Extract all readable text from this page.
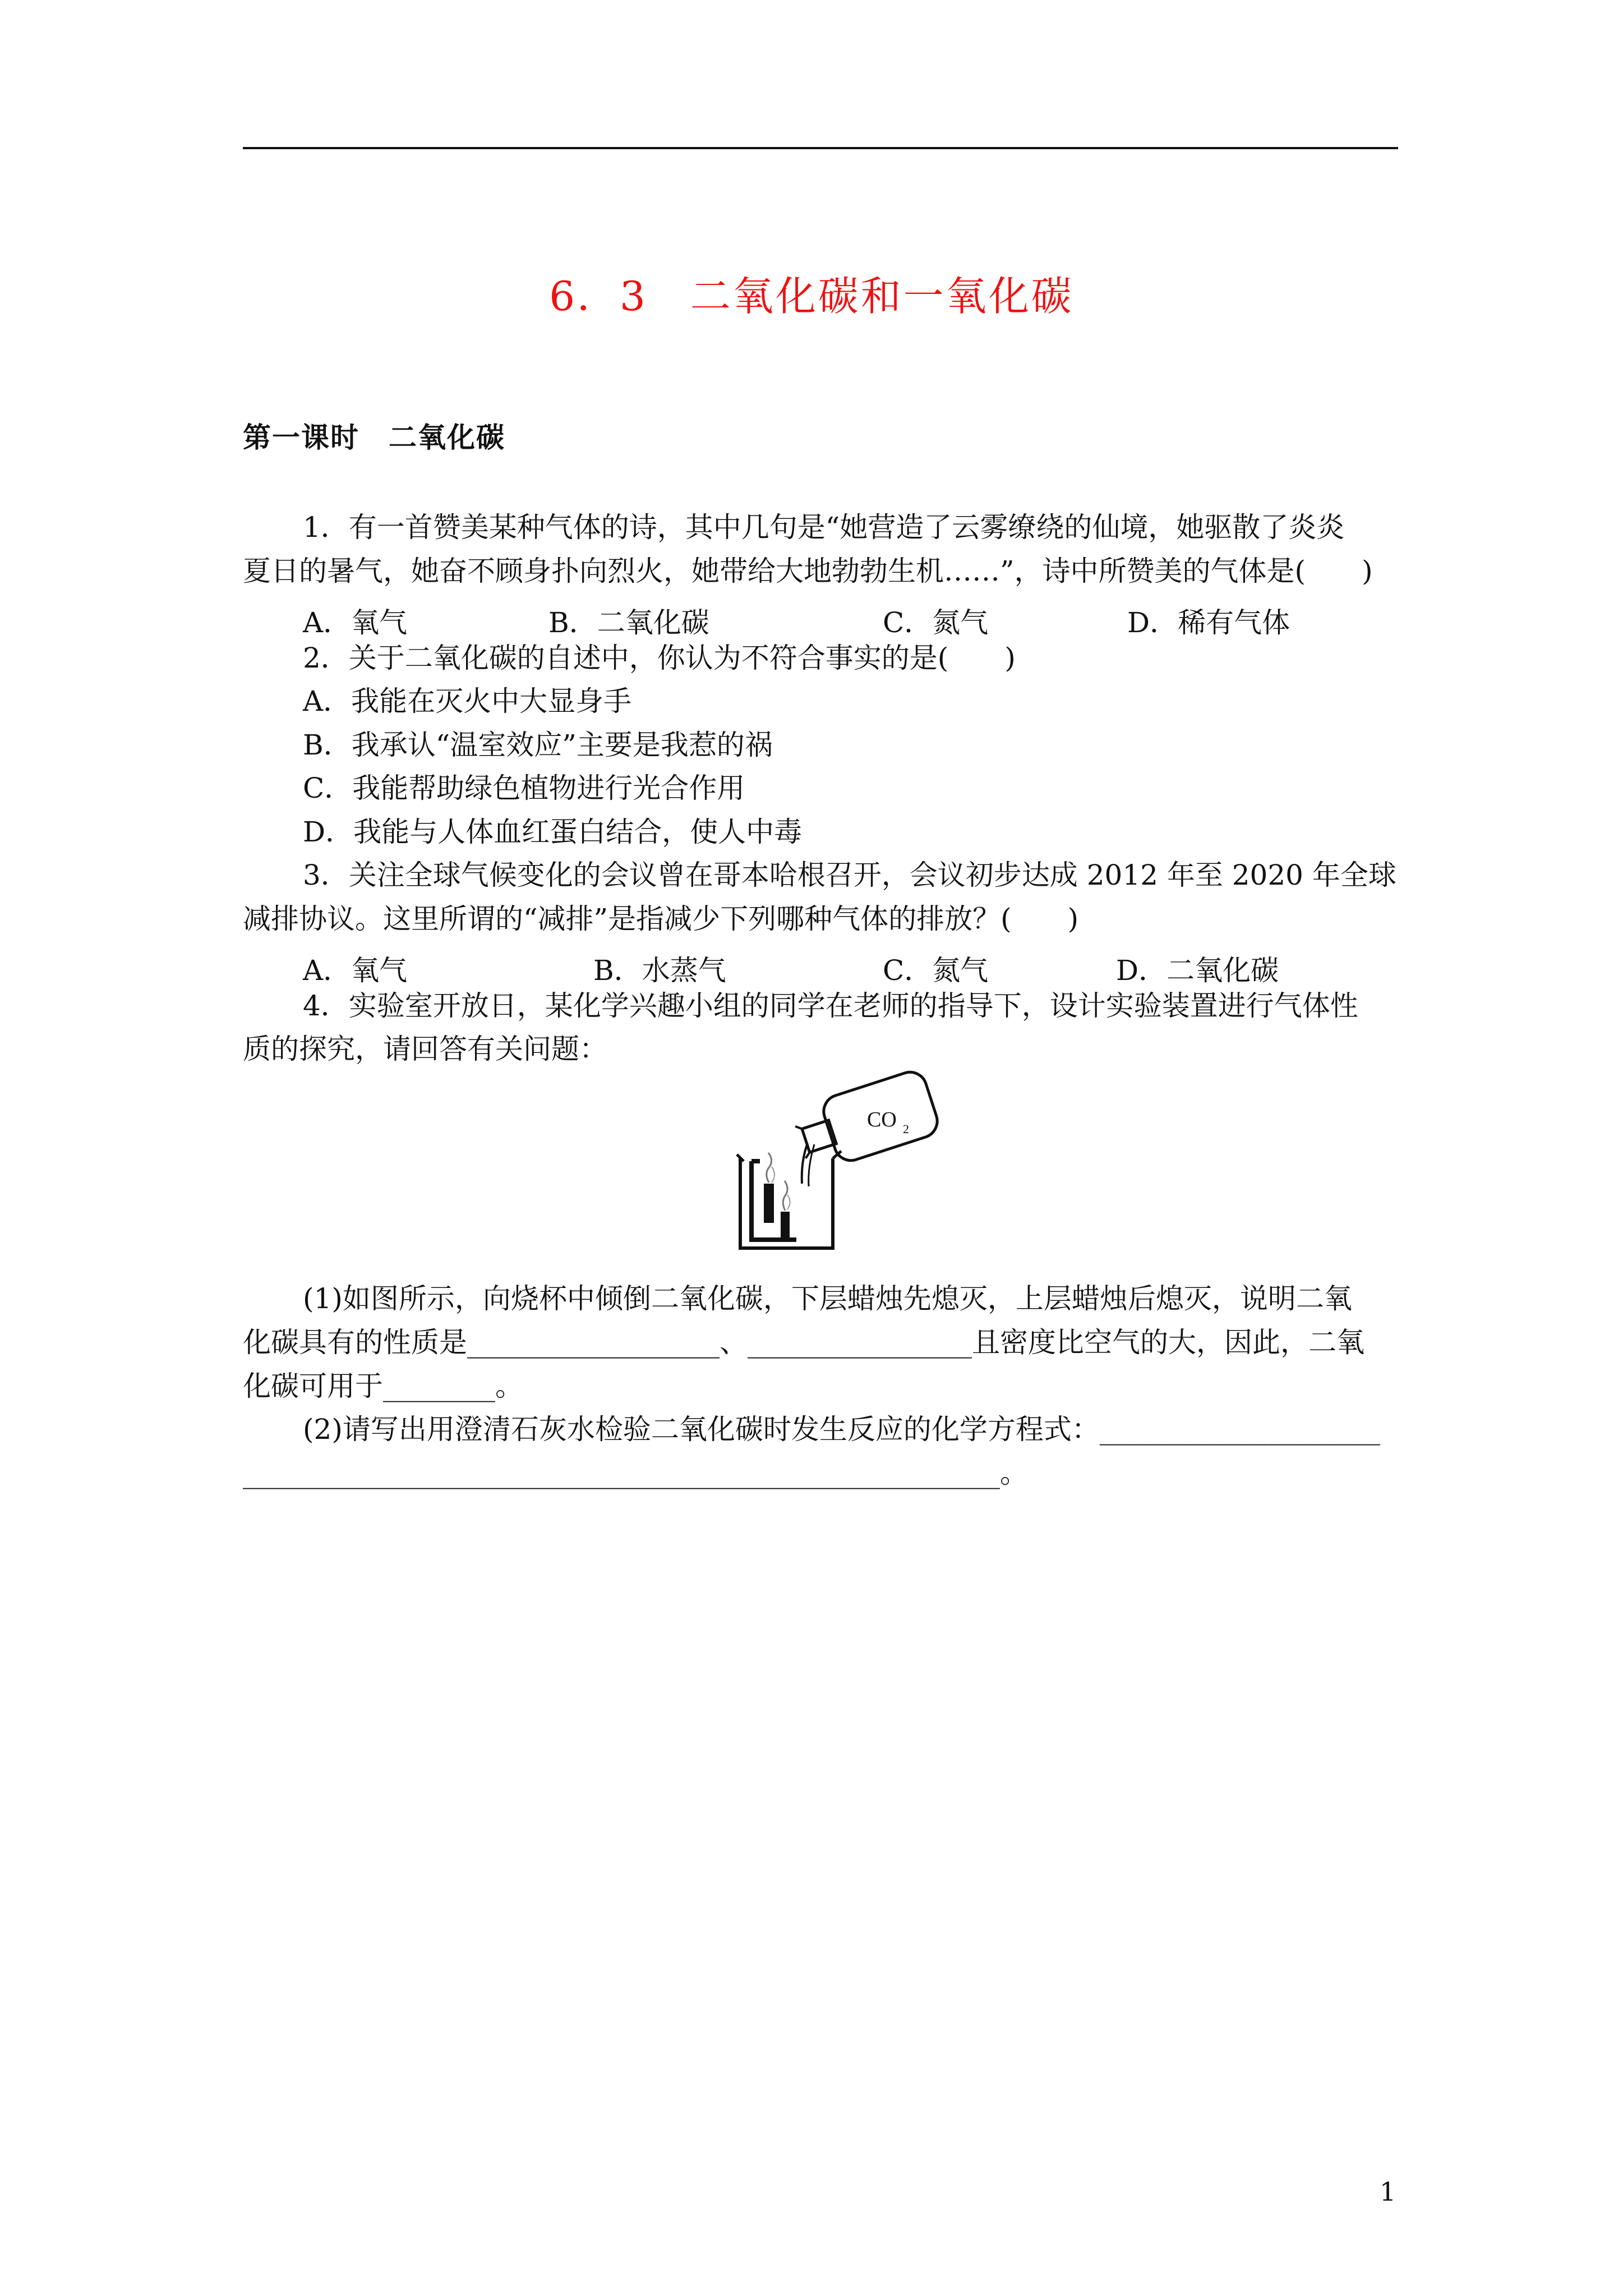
6．3　二氧化碳和一氧化碳
第一课时　二氧化碳
1．有一首赞美某种气体的诗，其中几句是“她营造了云雾缭绕的仙境，她驱散了炎炎
夏日的暑气，她奋不顾身扑向烈火，她带给大地勃勃生机……”，诗中所赞美的气体是(　　)
A．氧气	B．二氧化碳	C．氮气	D．稀有气体
2．关于二氧化碳的自述中，你认为不符合事实的是(　　)
A．我能在灭火中大显身手
B．我承认“温室效应”主要是我惹的祸
C．我能帮助绿色植物进行光合作用
D．我能与人体血红蛋白结合，使人中毒
3．关注全球气候变化的会议曾在哥本哈根召开，会议初步达成 2012 年至 2020 年全球
减排协议。这里所谓的“减排”是指减少下列哪种气体的排放？(　　)
A．氧气	B．水蒸气	C．氮气	D．二氧化碳
4．实验室开放日，某化学兴趣小组的同学在老师的指导下，设计实验装置进行气体性
质的探究，请回答有关问题：
CO 2
(1)如图所示，向烧杯中倾倒二氧化碳，下层蜡烛先熄灭，上层蜡烛后熄灭，说明二氧
化碳具有的性质是__________________、________________且密度比空气的大，因此，二氧
化碳可用于________。
(2)请写出用澄清石灰水检验二氧化碳时发生反应的化学方程式：____________________
______________________________________________________。
1
